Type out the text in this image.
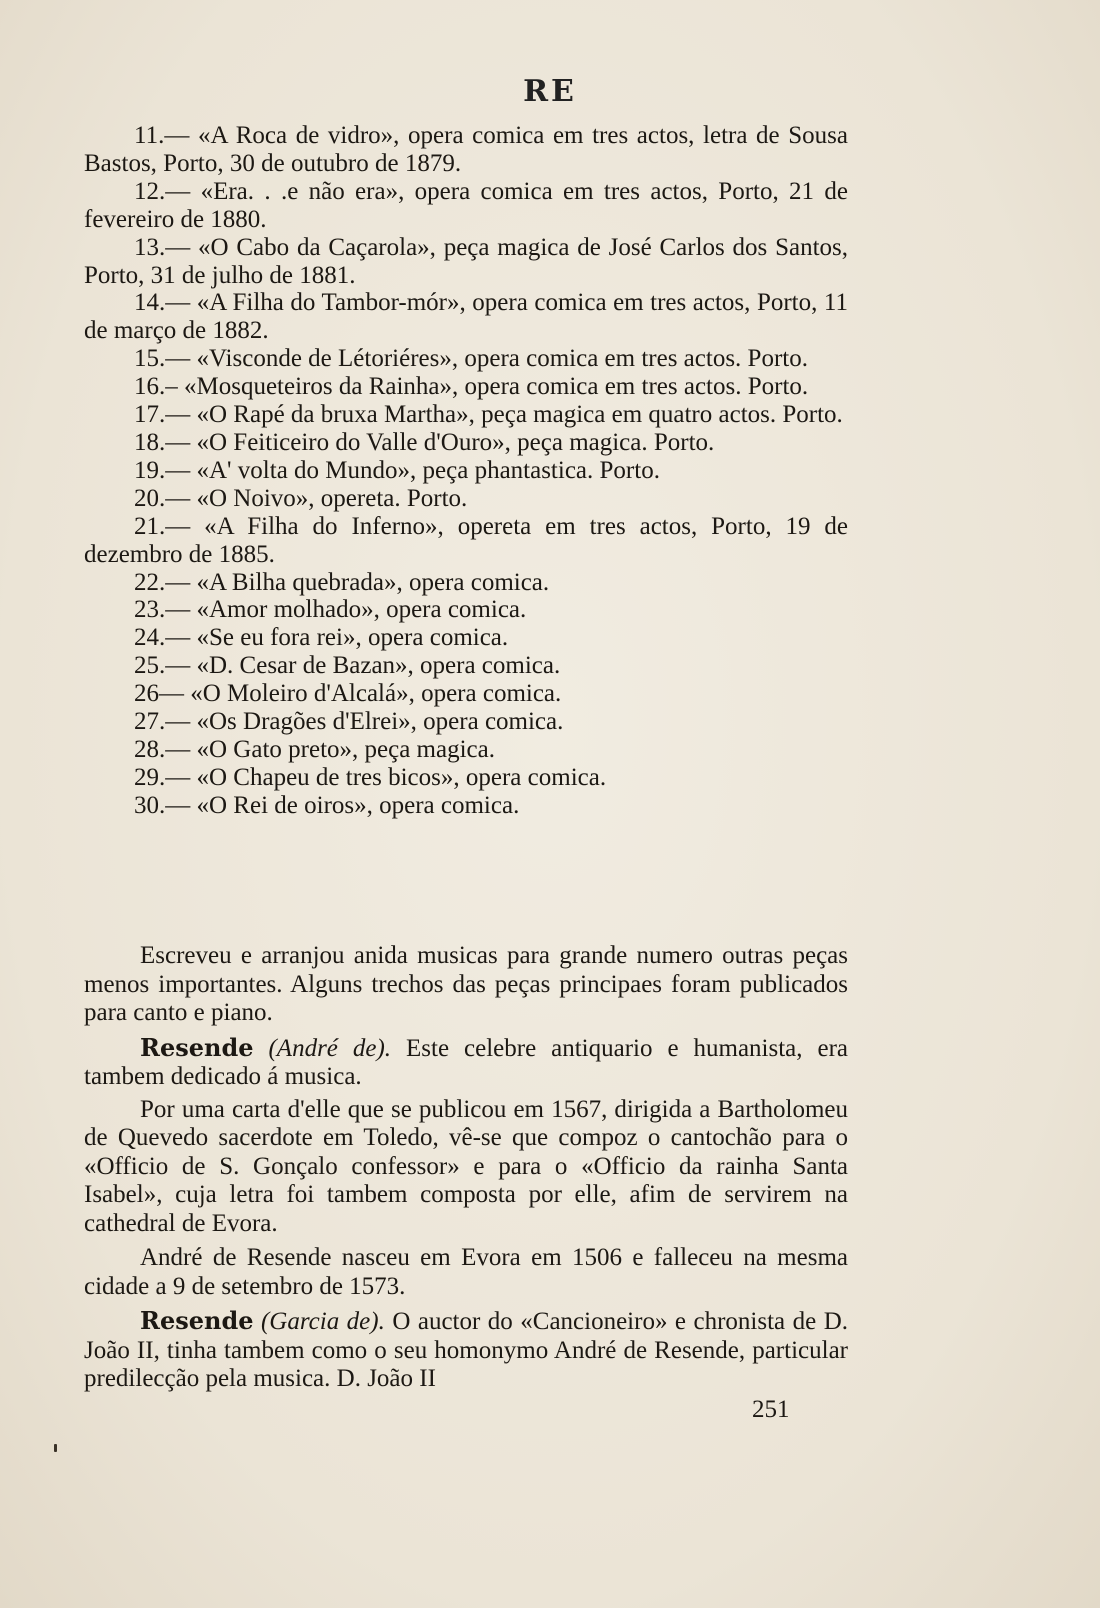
RE
11.— «A Roca de vidro», opera comica em tres actos, letra de Sousa Bastos, Porto, 30 de outubro de 1879.
12.— «Era. . .e não era», opera comica em tres actos, Porto, 21 de fevereiro de 1880.
13.— «O Cabo da Caçarola», peça magica de José Carlos dos Santos, Porto, 31 de julho de 1881.
14.— «A Filha do Tambor-mór», opera comica em tres actos, Porto, 11 de março de 1882.
15.— «Visconde de Létoriéres», opera comica em tres actos. Porto.
16.– «Mosqueteiros da Rainha», opera comica em tres actos. Porto.
17.— «O Rapé da bruxa Martha», peça magica em quatro actos. Porto.
18.— «O Feiticeiro do Valle d'Ouro», peça magica. Porto.
19.— «A' volta do Mundo», peça phantastica. Porto.
20.— «O Noivo», opereta. Porto.
21.— «A Filha do Inferno», opereta em tres actos, Porto, 19 de dezembro de 1885.
22.— «A Bilha quebrada», opera comica.
23.— «Amor molhado», opera comica.
24.— «Se eu fora rei», opera comica.
25.— «D. Cesar de Bazan», opera comica.
26— «O Moleiro d'Alcalá», opera comica.
27.— «Os Dragões d'Elrei», opera comica.
28.— «O Gato preto», peça magica.
29.— «O Chapeu de tres bicos», opera comica.
30.— «O Rei de oiros», opera comica.

Escreveu e arranjou anida musicas para grande numero outras peças menos importantes. Alguns trechos das peças principaes foram publicados para canto e piano.

Resende (André de). Este celebre antiquario e humanista, era tambem dedicado á musica.

Por uma carta d'elle que se publicou em 1567, dirigida a Bartholomeu de Quevedo sacerdote em Toledo, vê-se que compoz o cantochão para o «Officio de S. Gonçalo confessor» e para o «Officio da rainha Santa Isabel», cuja letra foi tambem composta por elle, afim de servirem na cathedral de Evora.

André de Resende nasceu em Evora em 1506 e falleceu na mesma cidade a 9 de setembro de 1573.

Resende (Garcia de). O auctor do «Cancioneiro» e chronista de D. João II, tinha tambem como o seu homonymo André de Resende, particular predilecção pela musica. D. João II

251
